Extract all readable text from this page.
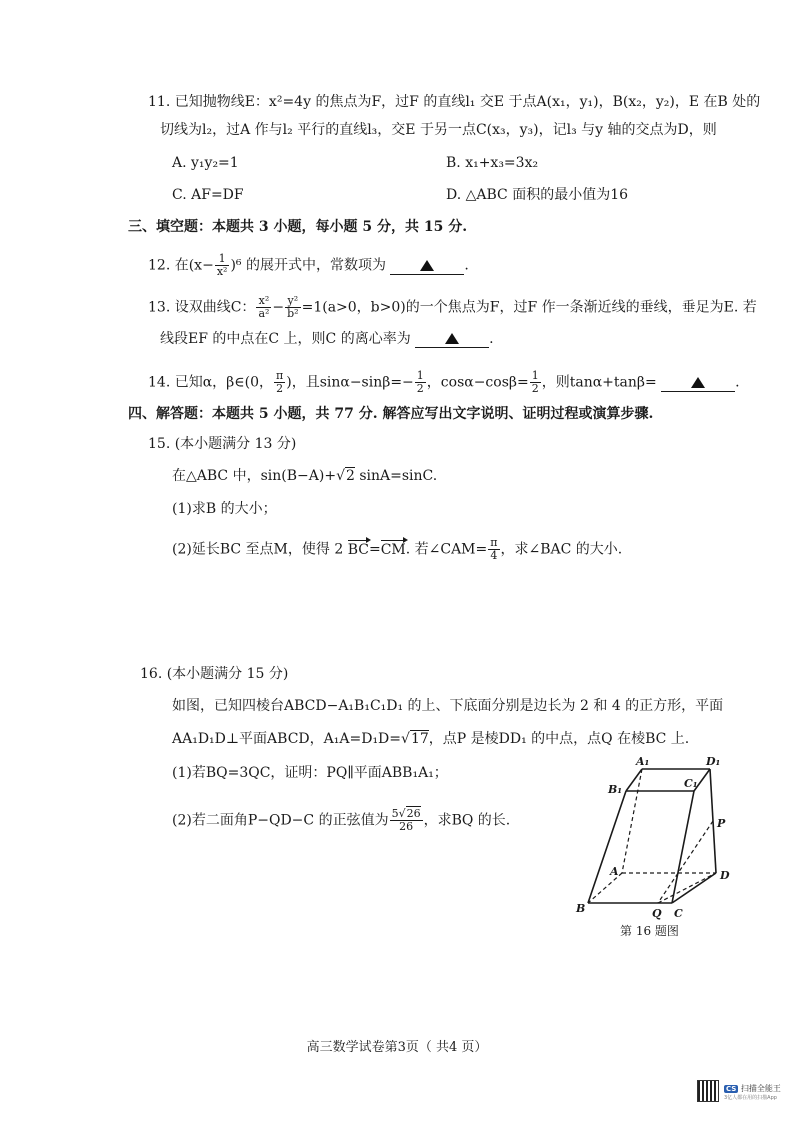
11. 已知抛物线E：x²=4y 的焦点为F，过F 的直线l₁ 交E 于点A(x₁，y₁)，B(x₂，y₂)，E 在B 处的
切线为l₂，过A 作与l₂ 平行的直线l₃，交E 于另一点C(x₃，y₃)，记l₃ 与y 轴的交点为D，则
A. y₁y₂=1	B. x₁+x₃=3x₂
C. AF=DF	D. △ABC 面积的最小值为16
三、填空题：本题共 3 小题，每小题 5 分，共 15 分.
12. 在$(x- \frac{1}{\text{x²}} )^6$ 的展开式中，常数项为	.
13. 设双曲线C： $\frac{\text{x²}}{\text{a²}} - \frac{\text{y²}}{\text{b²}} =1(a>0$，b>0)的一个焦点为F，过F 作一条渐近线的垂线，垂足为E. 若
线段EF 的中点在C 上，则C 的离心率为	.
14. 已知α，β∈(0， $\frac{\pi}{2}$ )，且$\sin\alpha-\sin\beta=- \frac{1}{2}$ ，$\cos\alpha-\cos\beta= \frac{1}{2}$ ，则tanα+tanβ=	.
四、解答题：本题共 5 小题，共 77 分. 解答应写出文字说明、证明过程或演算步骤.
15. (本小题满分 13 分)
在△ABC 中，sin(B−A)+√2 sinA=sinC.
(1)求B 的大小；
(2)延长BC 至点M，使得 2 BC=CM. 若∠CAM= $\frac{\pi}{4}$ ，求∠BAC 的大小.
16. (本小题满分 15 分)
如图，已知四棱台ABCD−A₁B₁C₁D₁ 的上、下底面分别是边长为 2 和 4 的正方形，平面
AA₁D₁D⊥平面ABCD，A₁A=D₁D=√17，点P 是棱DD₁ 的中点，点Q 在棱BC 上.
(1)若BQ=3QC，证明：PQ∥平面ABB₁A₁；
(2)若二面角P−QD−C 的正弦值为 $\frac{5√26}{26}$ ，求BQ 的长.
A₁	D₁
B₁	C₁
P
A	D
B	Q C
第 16 题图
高三数学试卷第3页（ 共4 页）
CS 扫描全能王
3亿人都在用的扫描App
